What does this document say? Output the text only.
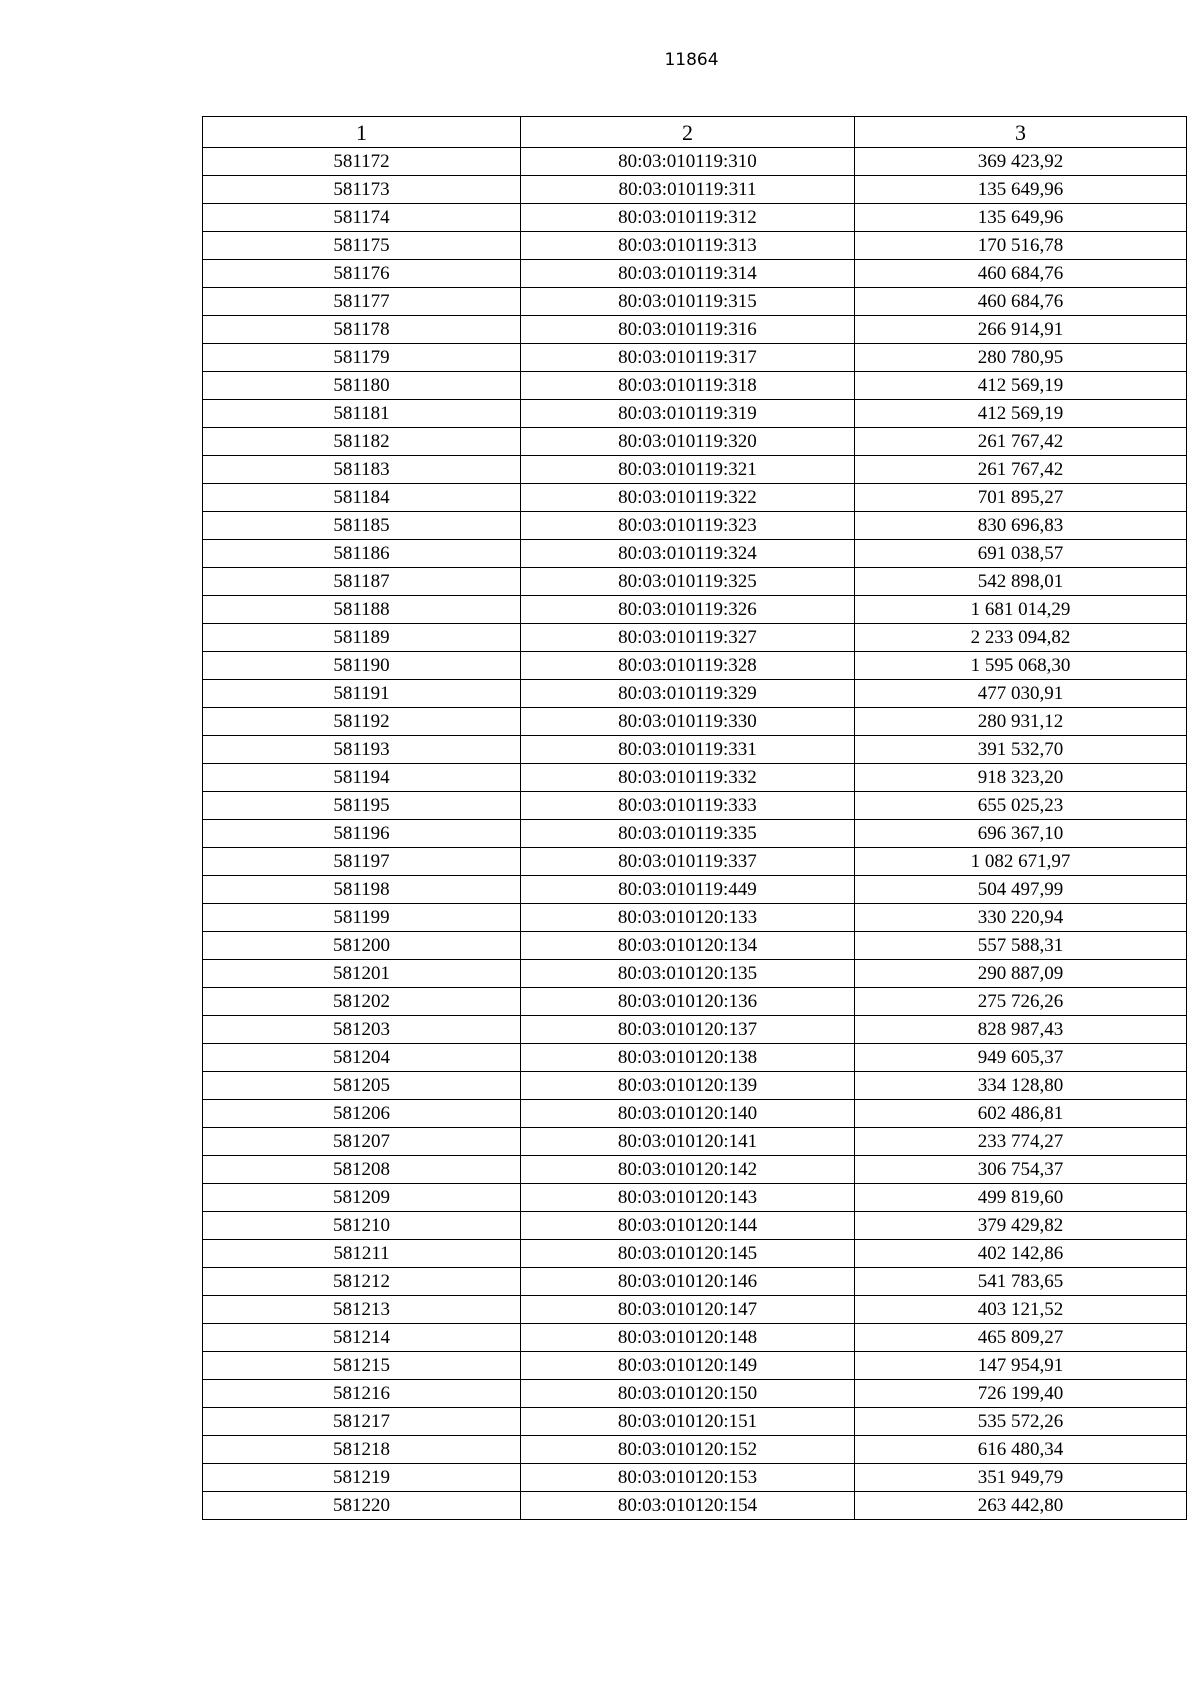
11864
1	2	3
581172	80:03:010119:310	369 423,92
581173	80:03:010119:311	135 649,96
581174	80:03:010119:312	135 649,96
581175	80:03:010119:313	170 516,78
581176	80:03:010119:314	460 684,76
581177	80:03:010119:315	460 684,76
581178	80:03:010119:316	266 914,91
581179	80:03:010119:317	280 780,95
581180	80:03:010119:318	412 569,19
581181	80:03:010119:319	412 569,19
581182	80:03:010119:320	261 767,42
581183	80:03:010119:321	261 767,42
581184	80:03:010119:322	701 895,27
581185	80:03:010119:323	830 696,83
581186	80:03:010119:324	691 038,57
581187	80:03:010119:325	542 898,01
581188	80:03:010119:326	1 681 014,29
581189	80:03:010119:327	2 233 094,82
581190	80:03:010119:328	1 595 068,30
581191	80:03:010119:329	477 030,91
581192	80:03:010119:330	280 931,12
581193	80:03:010119:331	391 532,70
581194	80:03:010119:332	918 323,20
581195	80:03:010119:333	655 025,23
581196	80:03:010119:335	696 367,10
581197	80:03:010119:337	1 082 671,97
581198	80:03:010119:449	504 497,99
581199	80:03:010120:133	330 220,94
581200	80:03:010120:134	557 588,31
581201	80:03:010120:135	290 887,09
581202	80:03:010120:136	275 726,26
581203	80:03:010120:137	828 987,43
581204	80:03:010120:138	949 605,37
581205	80:03:010120:139	334 128,80
581206	80:03:010120:140	602 486,81
581207	80:03:010120:141	233 774,27
581208	80:03:010120:142	306 754,37
581209	80:03:010120:143	499 819,60
581210	80:03:010120:144	379 429,82
581211	80:03:010120:145	402 142,86
581212	80:03:010120:146	541 783,65
581213	80:03:010120:147	403 121,52
581214	80:03:010120:148	465 809,27
581215	80:03:010120:149	147 954,91
581216	80:03:010120:150	726 199,40
581217	80:03:010120:151	535 572,26
581218	80:03:010120:152	616 480,34
581219	80:03:010120:153	351 949,79
581220	80:03:010120:154	263 442,80
